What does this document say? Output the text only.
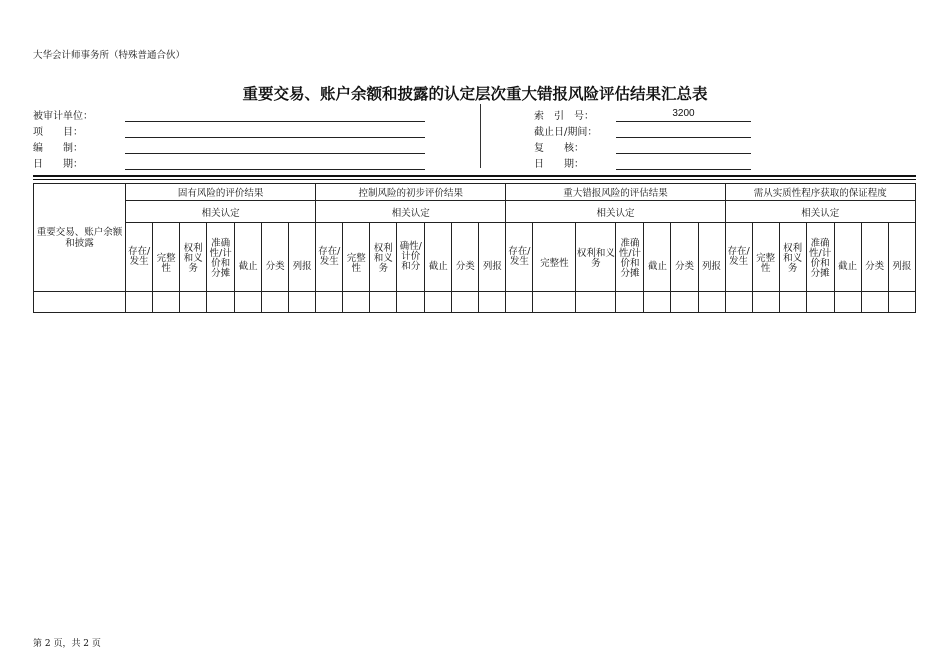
大华会计师事务所（特殊普通合伙）
重要交易、账户余额和披露的认定层次重大错报风险评估结果汇总表
被审计单位：
项　　目：
编　　制：
日　　期：
索　引　号：	3200
截止日/期间：
复　　核：
日　　期：
重要交易、账户余额和披露	固有风险的评价结果							控制风险的初步评价结果							重大错报风险的评估结果							需从实质性程序获取的保证程度						
	相关认定							相关认定							相关认定							相关认定						

	存在/发生	完整性	权利和义务	准确性/计价和分摊	截止	分类	列报	存在/发生	完整性	权利和义务	确性/计价和分	截止	分类	列报	存在/发生	完整性	权利和义务	准确性/计价和分摊	截止	分类	列报	存在/发生	完整性	权利和义务	准确性/计价和分摊	截止	分类	列报

第 2 页，共 2 页
